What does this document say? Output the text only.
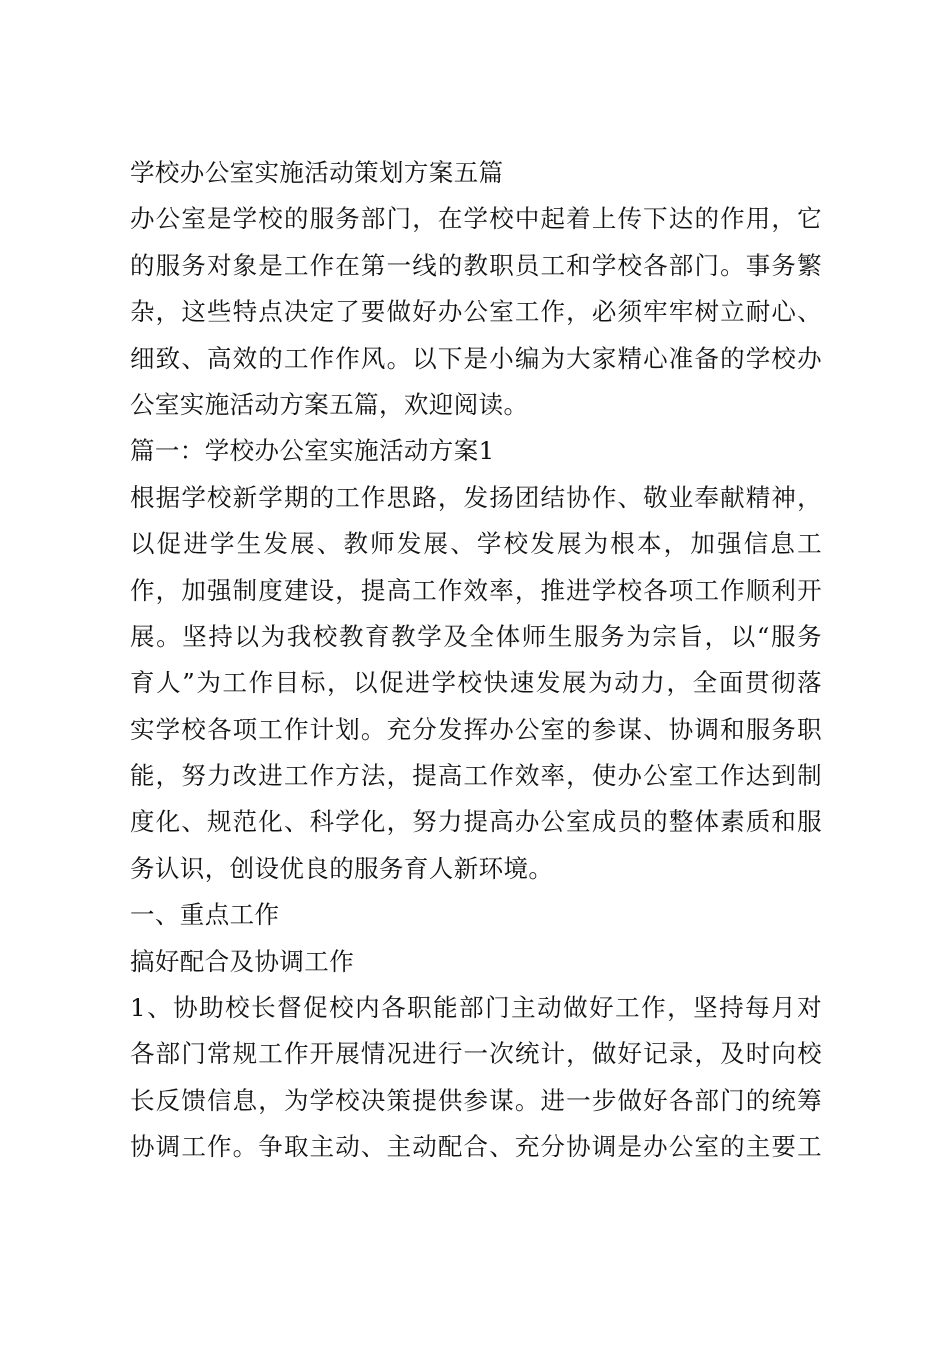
学校办公室实施活动策划方案五篇
办公室是学校的服务部门，在学校中起着上传下达的作用，它
的服务对象是工作在第一线的教职员工和学校各部门。事务繁
杂，这些特点决定了要做好办公室工作，必须牢牢树立耐心、
细致、高效的工作作风。以下是小编为大家精心准备的学校办
公室实施活动方案五篇，欢迎阅读。
篇一：学校办公室实施活动方案1
根据学校新学期的工作思路，发扬团结协作、敬业奉献精神，
以促进学生发展、教师发展、学校发展为根本，加强信息工
作，加强制度建设，提高工作效率，推进学校各项工作顺利开
展。坚持以为我校教育教学及全体师生服务为宗旨，以“服务
育人”为工作目标，以促进学校快速发展为动力，全面贯彻落
实学校各项工作计划。充分发挥办公室的参谋、协调和服务职
能，努力改进工作方法，提高工作效率，使办公室工作达到制
度化、规范化、科学化，努力提高办公室成员的整体素质和服
务认识，创设优良的服务育人新环境。
一、重点工作
搞好配合及协调工作
1、协助校长督促校内各职能部门主动做好工作，坚持每月对
各部门常规工作开展情况进行一次统计，做好记录，及时向校
长反馈信息，为学校决策提供参谋。进一步做好各部门的统筹
协调工作。争取主动、主动配合、充分协调是办公室的主要工
